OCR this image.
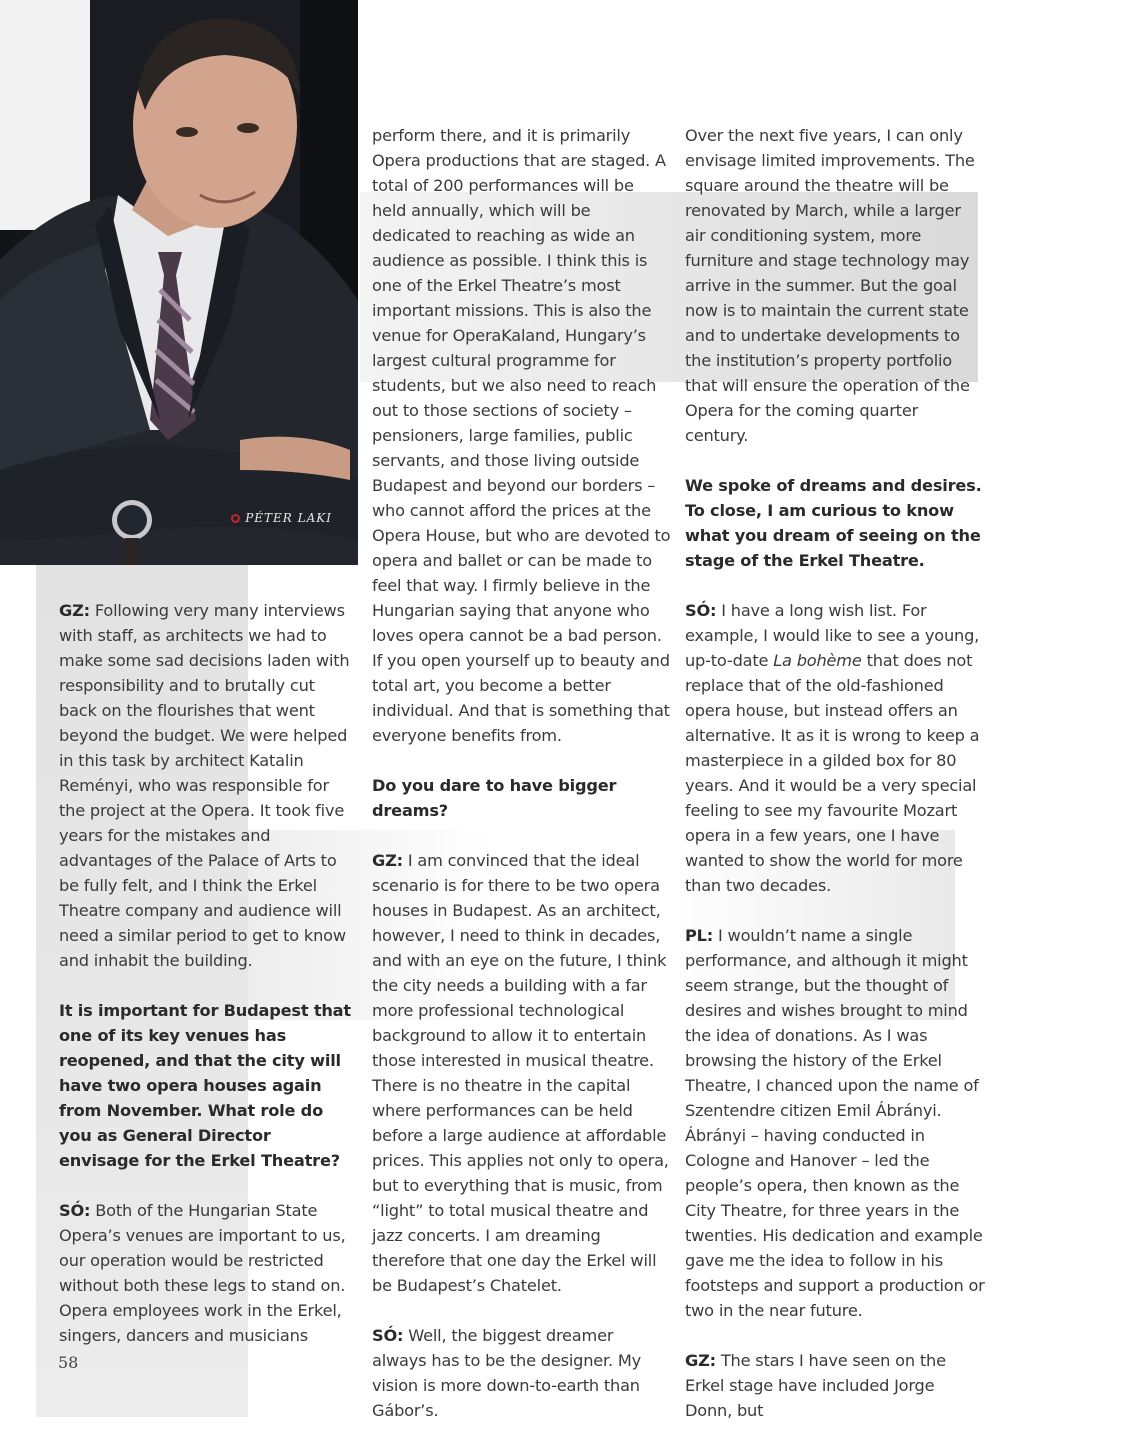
PÉTER LAKI

GZ: Following very many interviews with staff, as architects we had to make some sad decisions laden with responsibility and to brutally cut back on the flourishes that went beyond the budget. We were helped in this task by architect Katalin Reményi, who was responsible for the project at the Opera. It took five years for the mistakes and advantages of the Palace of Arts to be fully felt, and I think the Erkel Theatre company and audience will need a similar period to get to know and inhabit the building.

It is important for Budapest that one of its key venues has reopened, and that the city will have two opera houses again from November. What role do you as General Director envisage for the Erkel Theatre?

SÓ: Both of the Hungarian State Opera’s venues are important to us, our operation would be restricted without both these legs to stand on. Opera employees work in the Erkel, singers, dancers and musicians

perform there, and it is primarily Opera productions that are staged. A total of 200 performances will be held annually, which will be dedicated to reaching as wide an audience as possible. I think this is one of the Erkel Theatre’s most important missions. This is also the venue for OperaKaland, Hungary’s largest cultural programme for students, but we also need to reach out to those sections of society – pensioners, large families, public servants, and those living outside Budapest and beyond our borders – who cannot afford the prices at the Opera House, but who are devoted to opera and ballet or can be made to feel that way. I firmly believe in the Hungarian saying that anyone who loves opera cannot be a bad person. If you open yourself up to beauty and total art, you become a better individual. And that is something that everyone benefits from.

Do you dare to have bigger dreams?

GZ: I am convinced that the ideal scenario is for there to be two opera houses in Budapest. As an architect, however, I need to think in decades, and with an eye on the future, I think the city needs a building with a far more professional technological background to allow it to entertain those interested in musical theatre. There is no theatre in the capital where performances can be held before a large audience at affordable prices. This applies not only to opera, but to everything that is music, from “light” to total musical theatre and jazz concerts. I am dreaming therefore that one day the Erkel will be Budapest’s Chatelet.

SÓ: Well, the biggest dreamer always has to be the designer. My vision is more down-to-earth than Gábor’s.

Over the next five years, I can only envisage limited improvements. The square around the theatre will be renovated by March, while a larger air conditioning system, more furniture and stage technology may arrive in the summer. But the goal now is to maintain the current state and to undertake developments to the institution’s property portfolio that will ensure the operation of the Opera for the coming quarter century.

We spoke of dreams and desires. To close, I am curious to know what you dream of seeing on the stage of the Erkel Theatre.

SÓ: I have a long wish list. For example, I would like to see a young, up-to-date La bohème that does not replace that of the old-fashioned opera house, but instead offers an alternative. It as it is wrong to keep a masterpiece in a gilded box for 80 years. And it would be a very special feeling to see my favourite Mozart opera in a few years, one I have wanted to show the world for more than two decades.

PL: I wouldn’t name a single performance, and although it might seem strange, but the thought of desires and wishes brought to mind the idea of donations. As I was browsing the history of the Erkel Theatre, I chanced upon the name of Szentendre citizen Emil Ábrányi. Ábrányi – having conducted in Cologne and Hanover – led the people’s opera, then known as the City Theatre, for three years in the twenties. His dedication and example gave me the idea to follow in his footsteps and support a production or two in the near future.

GZ: The stars I have seen on the Erkel stage have included Jorge Donn, but

58
